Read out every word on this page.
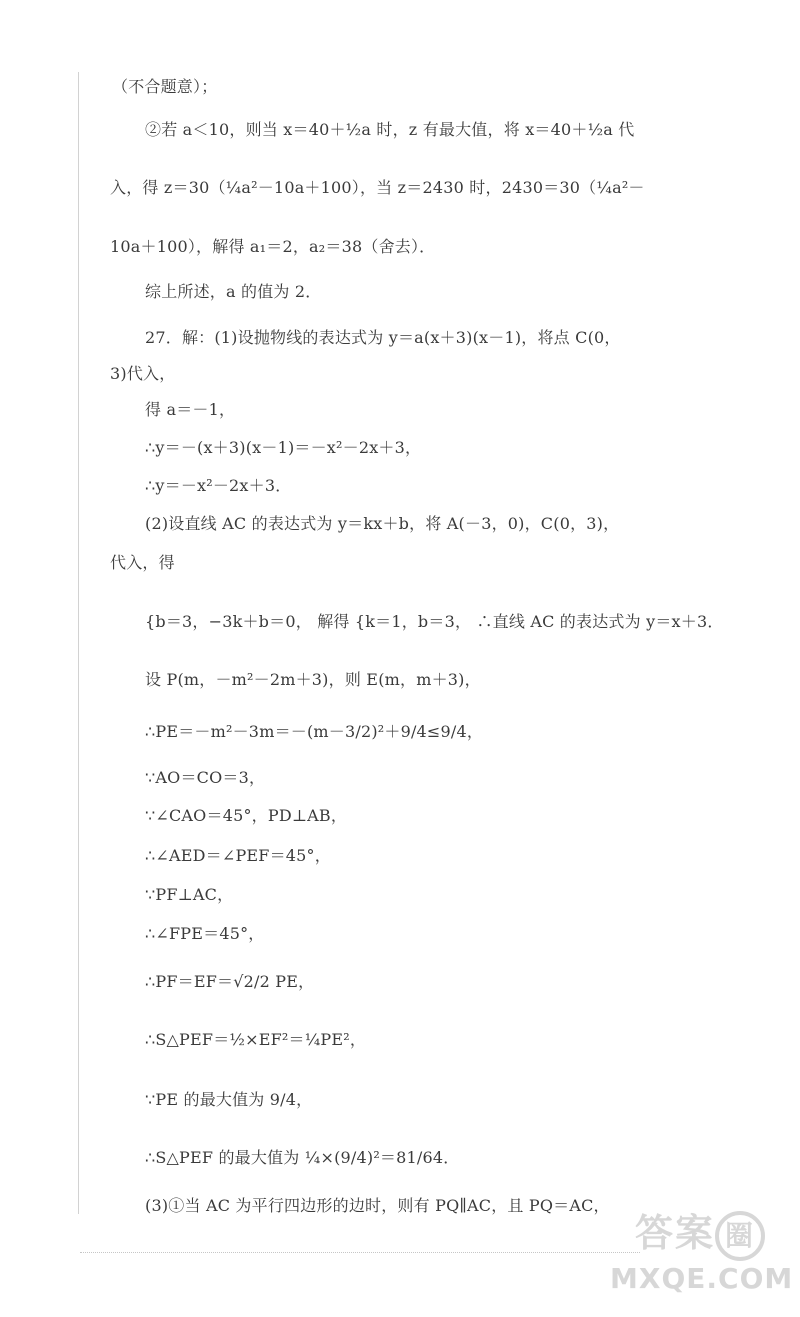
（不合题意）；
②若 a＜10，则当 x＝40＋½a 时，z 有最大值，将 x＝40＋½a 代
入，得 z＝30（¼a²－10a＋100），当 z＝2430 时，2430＝30（¼a²－
10a＋100），解得 a₁＝2，a₂＝38（舍去）．
综上所述，a 的值为 2．
27．解：(1)设抛物线的表达式为 y＝a(x＋3)(x－1)，将点 C(0，
3)代入，
得 a＝－1，
∴y＝－(x＋3)(x－1)＝－x²－2x＋3，
∴y＝－x²－2x＋3．
(2)设直线 AC 的表达式为 y＝kx＋b，将 A(－3，0)，C(0，3)，
代入，得
{b＝3，−3k＋b＝0， 解得 {k＝1，b＝3， ∴直线 AC 的表达式为 y＝x＋3．
设 P(m，－m²－2m＋3)，则 E(m，m＋3)，
∴PE＝－m²－3m＝－(m－3/2)²＋9/4≤9/4，
∵AO＝CO＝3，
∵∠CAO＝45°，PD⊥AB，
∴∠AED＝∠PEF＝45°，
∵PF⊥AC，
∴∠FPE＝45°，
∴PF＝EF＝√2/2 PE，
∴S△PEF＝½×EF²＝¼PE²，
∵PE 的最大值为 9/4，
∴S△PEF 的最大值为 ¼×(9/4)²＝81/64．
(3)①当 AC 为平行四边形的边时，则有 PQ∥AC，且 PQ＝AC，
答案 圈
MXQE.COM
